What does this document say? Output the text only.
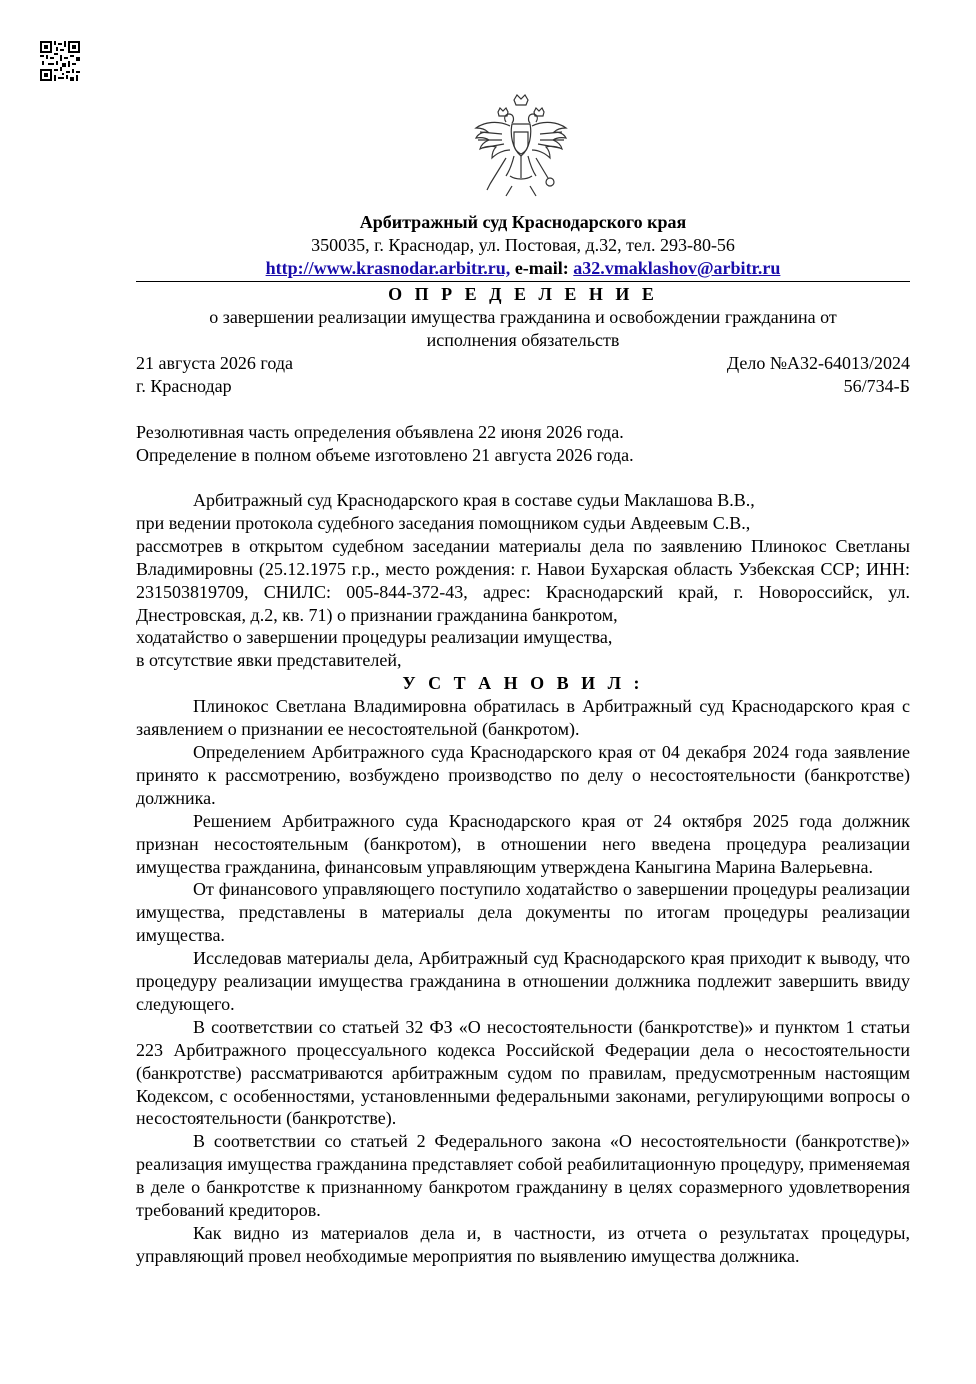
Арбитражный суд Краснодарского края
350035, г. Краснодар, ул. Постовая, д.32, тел. 293-80-56
http://www.krasnodar.arbitr.ru, e-mail: a32.vmaklashov@arbitr.ru
О П Р Е Д Е Л Е Н И Е
о завершении реализации имущества гражданина и освобождении гражданина от
исполнения обязательств
21 августа 2026 года	Дело №А32-64013/2024
г. Краснодар	56/734-Б
Резолютивная часть определения объявлена 22 июня 2026 года.
Определение в полном объеме изготовлено 21 августа 2026 года.

Арбитражный суд Краснодарского края в составе судьи Маклашова В.В.,

при ведении протокола судебного заседания помощником судьи Авдеевым С.В.,

рассмотрев в открытом судебном заседании материалы дела по заявлению Плинокос Светланы Владимировны (25.12.1975 г.р., место рождения: г. Навои Бухарская область Узбекская ССР; ИНН: 231503819709, СНИЛС: 005-844-372-43, адрес: Краснодарский край, г. Новороссийск, ул. Днестровская, д.2, кв. 71) о признании гражданина банкротом,

ходатайство о завершении процедуры реализации имущества,

в отсутствие явки представителей,

У С Т А Н О В И Л :

Плинокос Светлана Владимировна обратилась в Арбитражный суд Краснодарского края с заявлением о признании ее несостоятельной (банкротом).

Определением Арбитражного суда Краснодарского края от 04 декабря 2024 года заявление принято к рассмотрению, возбуждено производство по делу о несостоятельности (банкротстве) должника.

Решением Арбитражного суда Краснодарского края от 24 октября 2025 года должник признан несостоятельным (банкротом), в отношении него введена процедура реализации имущества гражданина, финансовым управляющим утверждена Каныгина Марина Валерьевна.

От финансового управляющего поступило ходатайство о завершении процедуры реализации имущества, представлены в материалы дела документы по итогам процедуры реализации имущества.

Исследовав материалы дела, Арбитражный суд Краснодарского края приходит к выводу, что процедуру реализации имущества гражданина в отношении должника подлежит завершить ввиду следующего.

В соответствии со статьей 32 ФЗ «О несостоятельности (банкротстве)» и пунктом 1 статьи 223 Арбитражного процессуального кодекса Российской Федерации дела о несостоятельности (банкротстве) рассматриваются арбитражным судом по правилам, предусмотренным настоящим Кодексом, с особенностями, установленными федеральными законами, регулирующими вопросы о несостоятельности (банкротстве).

В соответствии со статьей 2 Федерального закона «О несостоятельности (банкротстве)» реализация имущества гражданина представляет собой реабилитационную процедуру, применяемая в деле о банкротстве к признанному банкротом гражданину в целях соразмерного удовлетворения требований кредиторов.

Как видно из материалов дела и, в частности, из отчета о результатах процедуры, управляющий провел необходимые мероприятия по выявлению имущества должника.
